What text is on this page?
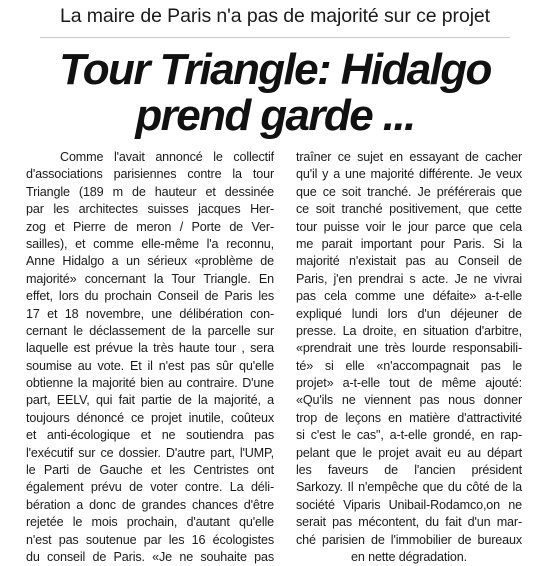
La maire de Paris n'a pas de majorité sur ce projet
Tour Triangle: Hidalgo
prend garde ...
Comme l'avait annoncé le collectif
d'associations parisiennes contre la tour
Triangle (189 m de hauteur et dessinée
par les architectes suisses jacques Her-
zog et Pierre de meron / Porte de Ver-
sailles), et comme elle-même l'a reconnu,
Anne Hidalgo a un sérieux «problème de
majorité» concernant la Tour Triangle. En
effet, lors du prochain Conseil de Paris les
17 et 18 novembre, une délibération con-
cernant le déclassement de la parcelle sur
laquelle est prévue la très haute tour , sera
soumise au vote. Et il n'est pas sûr qu'elle
obtienne la majorité bien au contraire. D'une
part, EELV, qui fait partie de la majorité, a
toujours dénoncé ce projet inutile, coûteux
et anti-écologique et ne soutiendra pas
l'exécutif sur ce dossier. D'autre part, l'UMP,
le Parti de Gauche et les Centristes ont
également prévu de voter contre. La déli-
bération a donc de grandes chances d'être
rejetée le mois prochain, d'autant qu'elle
n'est pas soutenue par les 16 écologistes
du conseil de Paris. «Je ne souhaite pas
traîner ce sujet en essayant de cacher
qu'il y a une majorité différente. Je veux
que ce soit tranché. Je préférerais que
ce soit tranché positivement, que cette
tour puisse voir le jour parce que cela
me parait important pour Paris. Si la
majorité n'existait pas au Conseil de
Paris, j'en prendrai s acte. Je ne vivrai
pas cela comme une défaite» a-t-elle
expliqué lundi lors d'un déjeuner de
presse. La droite, en situation d'arbitre,
«prendrait une très lourde responsabili-
té» si elle «n'accompagnait pas le
projet» a-t-elle tout de même ajouté:
«Qu'ils ne viennent pas nous donner
trop de leçons en matière d'attractivité
si c'est le cas", a-t-elle grondé, en rap-
pelant que le projet avait eu au départ
les faveurs de l'ancien président
Sarkozy. Il n'empêche que du côté de la
société Viparis Unibail-Rodamco,on ne
serait pas mécontent, du fait d'un mar-
ché parisien de l'immobilier de bureaux
en nette dégradation.
